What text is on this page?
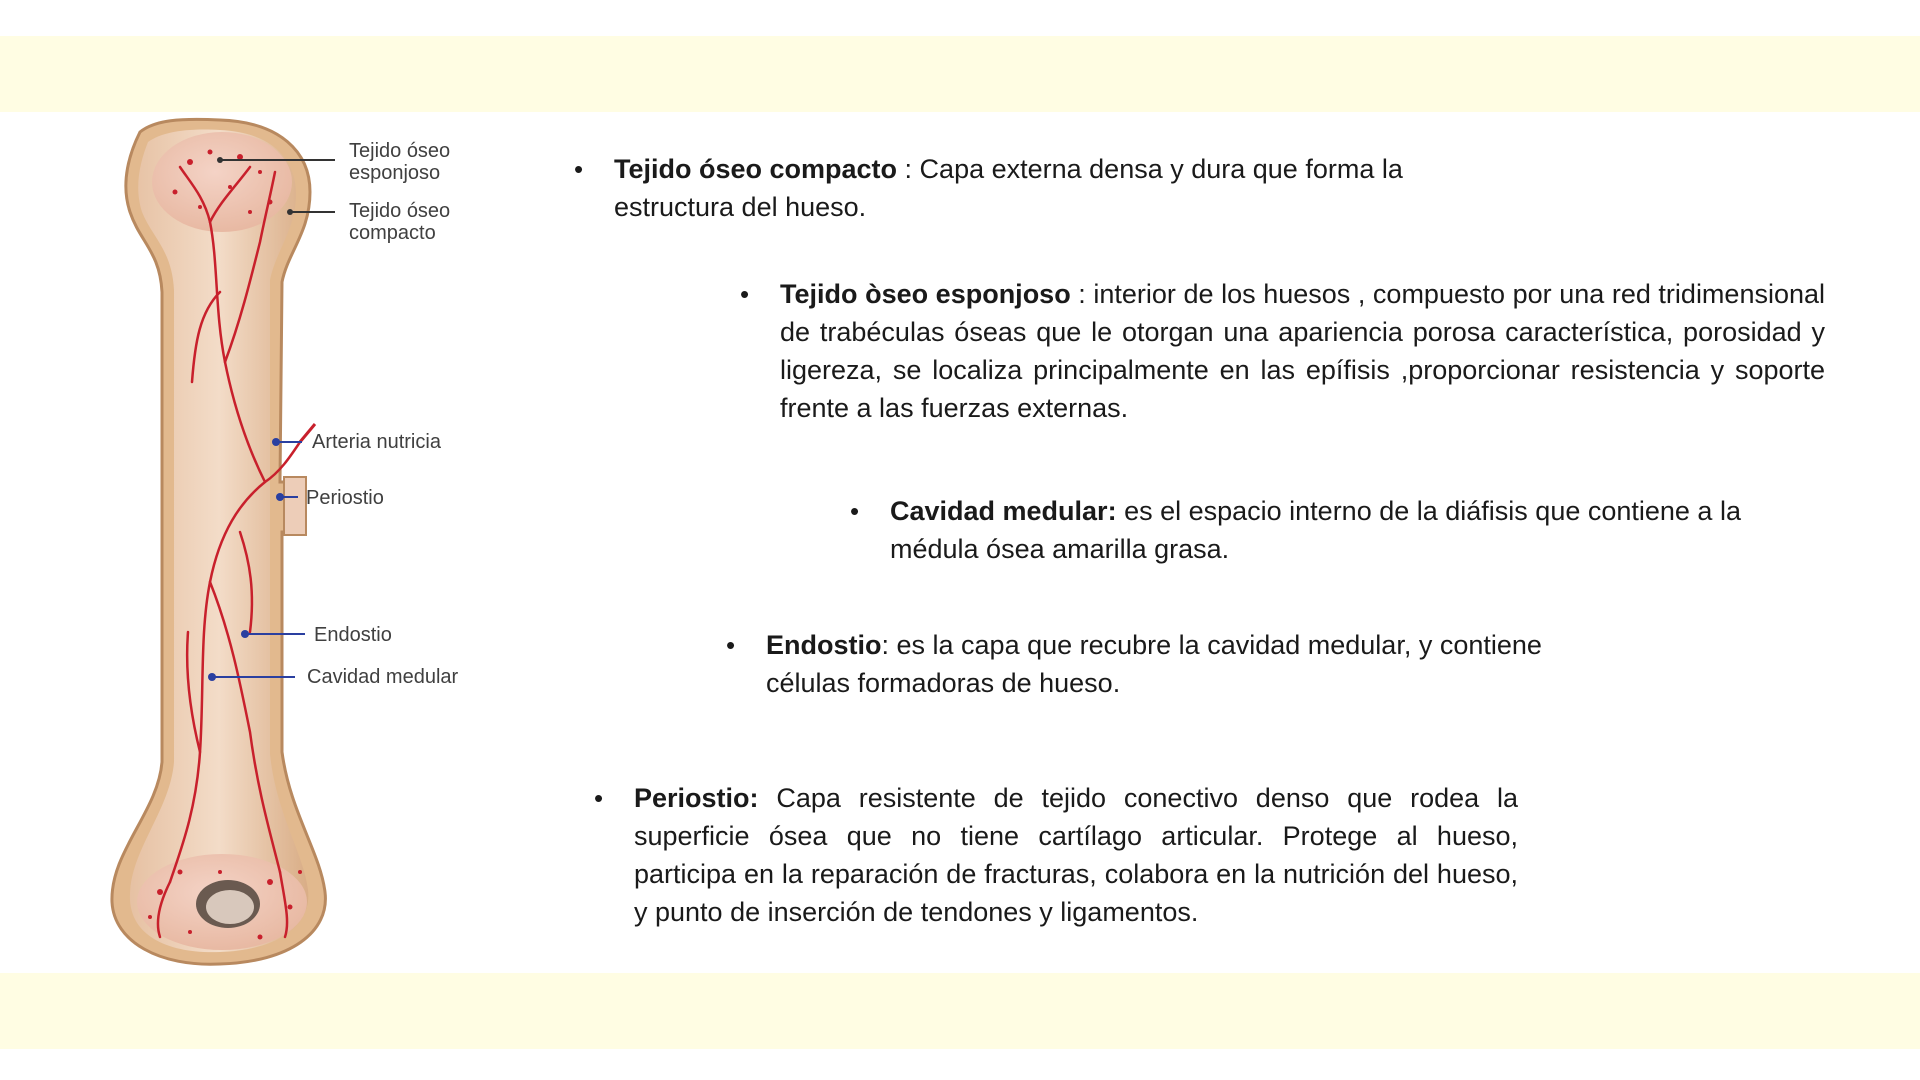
Tejido óseo
esponjoso
Tejido óseo
compacto
Arteria nutricia
Periostio
Endostio
Cavidad medular
• Tejido óseo compacto : Capa externa densa y dura que forma la estructura del hueso.
• Tejido òseo esponjoso : interior de los huesos , compuesto por una red tridimensional de trabéculas óseas que le otorgan una apariencia porosa característica, porosidad y ligereza, se localiza principalmente en las epífisis ,proporcionar resistencia y soporte frente a las fuerzas externas.
• Cavidad medular: es el espacio interno de la diáfisis que contiene a la médula ósea amarilla grasa.
• Endostio: es la capa que recubre la cavidad medular, y contiene células formadoras de hueso.
• Periostio: Capa resistente de tejido conectivo denso que rodea la superficie ósea que no tiene cartílago articular. Protege al hueso, participa en la reparación de fracturas, colabora en la nutrición del hueso, y punto de inserción de tendones y ligamentos.
